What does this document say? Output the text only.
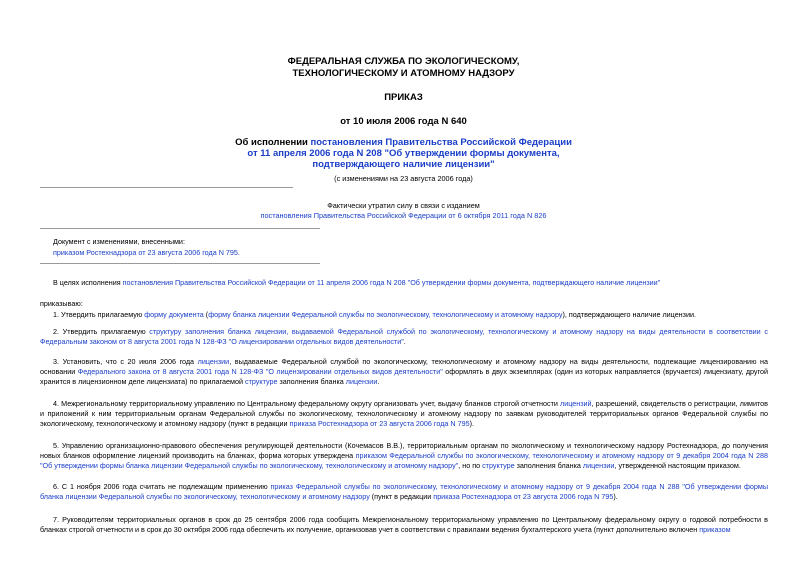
ФЕДЕРАЛЬНАЯ СЛУЖБА ПО ЭКОЛОГИЧЕСКОМУ,
ТЕХНОЛОГИЧЕСКОМУ И АТОМНОМУ НАДЗОРУ
ПРИКАЗ
от 10 июля 2006 года N 640
Об исполнении постановления Правительства Российской Федерации
от 11 апреля 2006 года N 208 "Об утверждении формы документа,
подтверждающего наличие лицензии"
(с изменениями на 23 августа 2006 года)
Фактически утратил силу в связи с изданием
постановления Правительства Российской Федерации от 6 октября 2011 года N 826
Документ с изменениями, внесенными:
приказом Ростехнадзора от 23 августа 2006 года N 795.
В целях исполнения постановления Правительства Российской Федерации от 11 апреля 2006 года N 208 "Об утверждении формы документа, подтверждающего наличие лицензии"
приказываю:
1. Утвердить прилагаемую форму документа (форму бланка лицензии Федеральной службы по экологическому, технологическому и атомному надзору), подтверждающего наличие лицензии.
2. Утвердить прилагаемую структуру заполнения бланка лицензии, выдаваемой Федеральной службой по экологическому, технологическому и атомному надзору на виды деятельности в соответствии с Федеральным законом от 8 августа 2001 года N 128-ФЗ "О лицензировании отдельных видов деятельности".
3. Установить, что с 20 июля 2006 года лицензии, выдаваемые Федеральной службой по экологическому, технологическому и атомному надзору на виды деятельности, подлежащие лицензированию на основании Федерального закона от 8 августа 2001 года N 128-ФЗ "О лицензировании отдельных видов деятельности" оформлять в двух экземплярах (один из которых направляется (вручается) лицензиату, другой хранится в лицензионном деле лицензиата) по прилагаемой структуре заполнения бланка лицензии.
4. Межрегиональному территориальному управлению по Центральному федеральному округу организовать учет, выдачу бланков строгой отчетности лицензий, разрешений, свидетельств о регистрации, лимитов и приложений к ним территориальным органам Федеральной службы по экологическому, технологическому и атомному надзору по заявкам руководителей территориальных органов Федеральной службы по экологическому, технологическому и атомному надзору (пункт в редакции приказа Ростехнадзора от 23 августа 2006 года N 795).
5. Управлению организационно-правового обеспечения регулирующей деятельности (Кочемасов В.В.), территориальным органам по экологическому и технологическому надзору Ростехнадзора, до получения новых бланков оформление лицензий производить на бланках, форма которых утверждена приказом Федеральной службы по экологическому, технологическому и атомному надзору от 9 декабря 2004 года N 288 "Об утверждении формы бланка лицензии Федеральной службы по экологическому, технологическому и атомному надзору", но по структуре заполнения бланка лицензии, утвержденной настоящим приказом.
6. С 1 ноября 2006 года считать не подлежащим применению приказ Федеральной службы по экологическому, технологическому и атомному надзору от 9 декабря 2004 года N 288 "Об утверждении формы бланка лицензии Федеральной службы по экологическому, технологическому и атомному надзору (пункт в редакции приказа Ростехнадзора от 23 августа 2006 года N 795).
7. Руководителям территориальных органов в срок до 25 сентября 2006 года сообщить Межрегиональному территориальному управлению по Центральному федеральному округу о годовой потребности в бланках строгой отчетности и в срок до 30 октября 2006 года обеспечить их получение, организовав учет в соответствии с правилами ведения бухгалтерского учета (пункт дополнительно включен приказом
